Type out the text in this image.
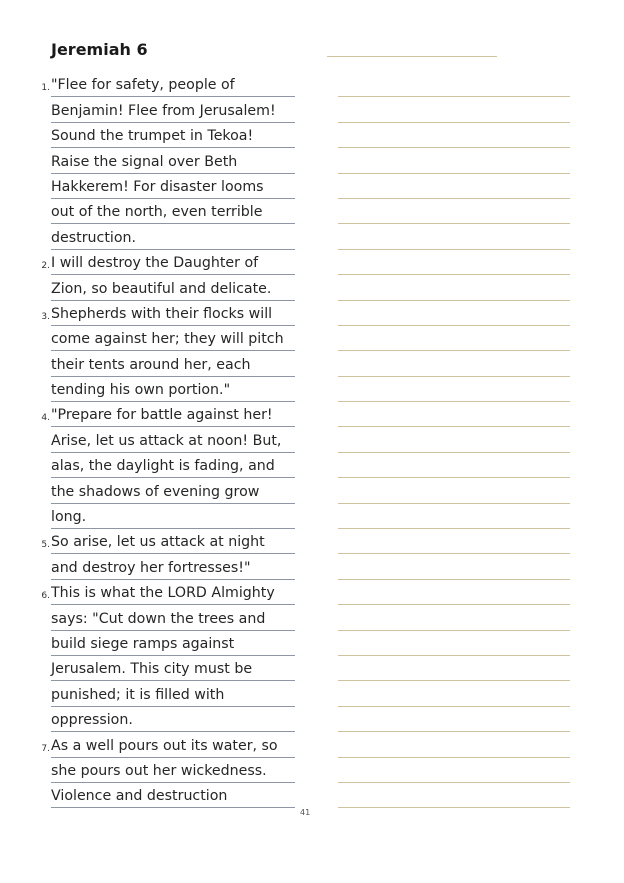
Jeremiah 6
1. "Flee for safety, people of
Benjamin! Flee from Jerusalem!
Sound the trumpet in Tekoa!
Raise the signal over Beth
Hakkerem! For disaster looms
out of the north, even terrible
destruction.
2. I will destroy the Daughter of
Zion, so beautiful and delicate.
3. Shepherds with their flocks will
come against her; they will pitch
their tents around her, each
tending his own portion."
4. "Prepare for battle against her!
Arise, let us attack at noon! But,
alas, the daylight is fading, and
the shadows of evening grow
long.
5. So arise, let us attack at night
and destroy her fortresses!"
6. This is what the LORD Almighty
says: "Cut down the trees and
build siege ramps against
Jerusalem. This city must be
punished; it is filled with
oppression.
7. As a well pours out its water, so
she pours out her wickedness.
Violence and destruction
41
